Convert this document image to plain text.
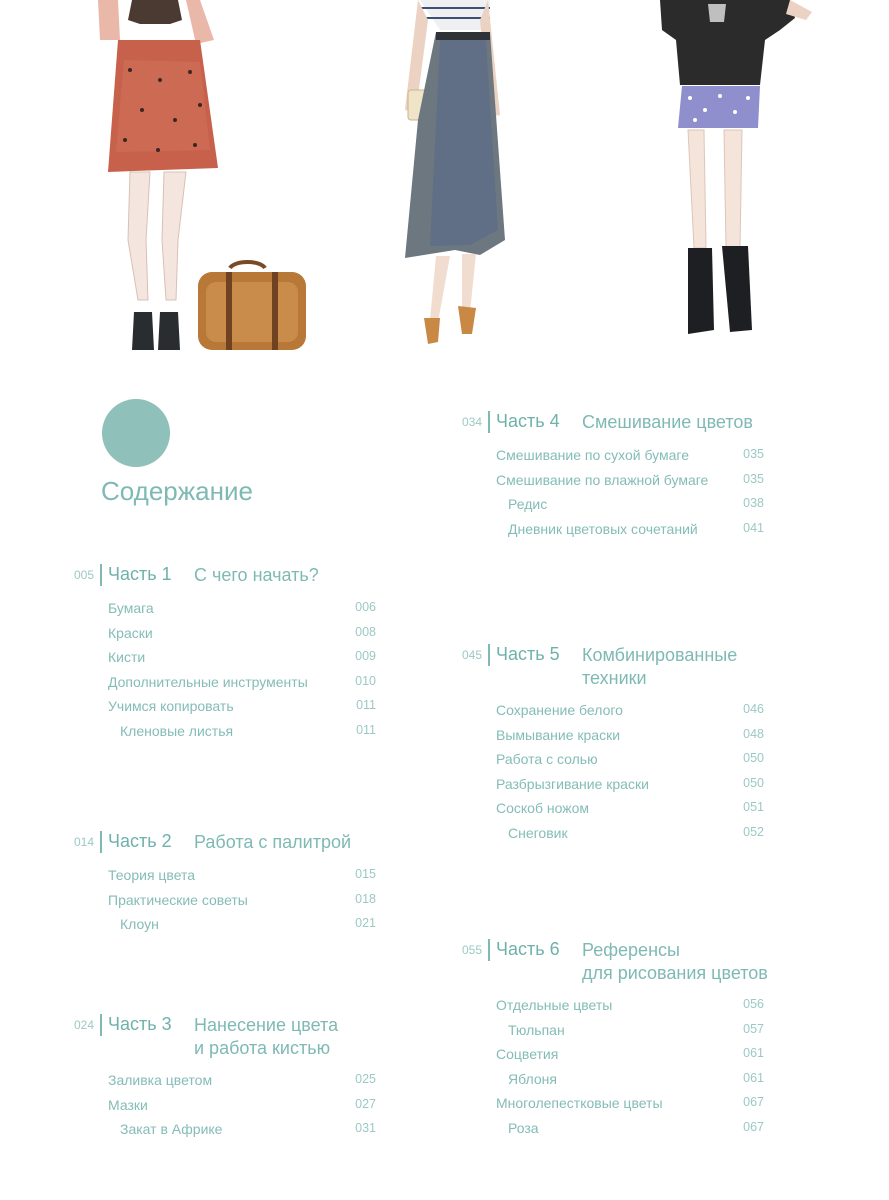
Содержание
005 Часть 1 С чего начать?
Бумага	006
Краски	008
Кисти	009
Дополнительные инструменты	010
Учимся копировать	011
Кленовые листья	011
014 Часть 2 Работа с палитрой
Теория цвета	015
Практические советы	018
Клоун	021
024 Часть 3 Нанесение цвета
и работа кистью
Заливка цветом	025
Мазки	027
Закат в Африке	031
034 Часть 4 Смешивание цветов
Смешивание по сухой бумаге	035
Смешивание по влажной бумаге	035
Редис	038
Дневник цветовых сочетаний	041
045 Часть 5 Комбинированные
техники
Сохранение белого	046
Вымывание краски	048
Работа с солью	050
Разбрызгивание краски	050
Соскоб ножом	051
Снеговик	052
055 Часть 6 Референсы
для рисования цветов
Отдельные цветы	056
Тюльпан	057
Соцветия	061
Яблоня	061
Многолепестковые цветы	067
Роза	067
